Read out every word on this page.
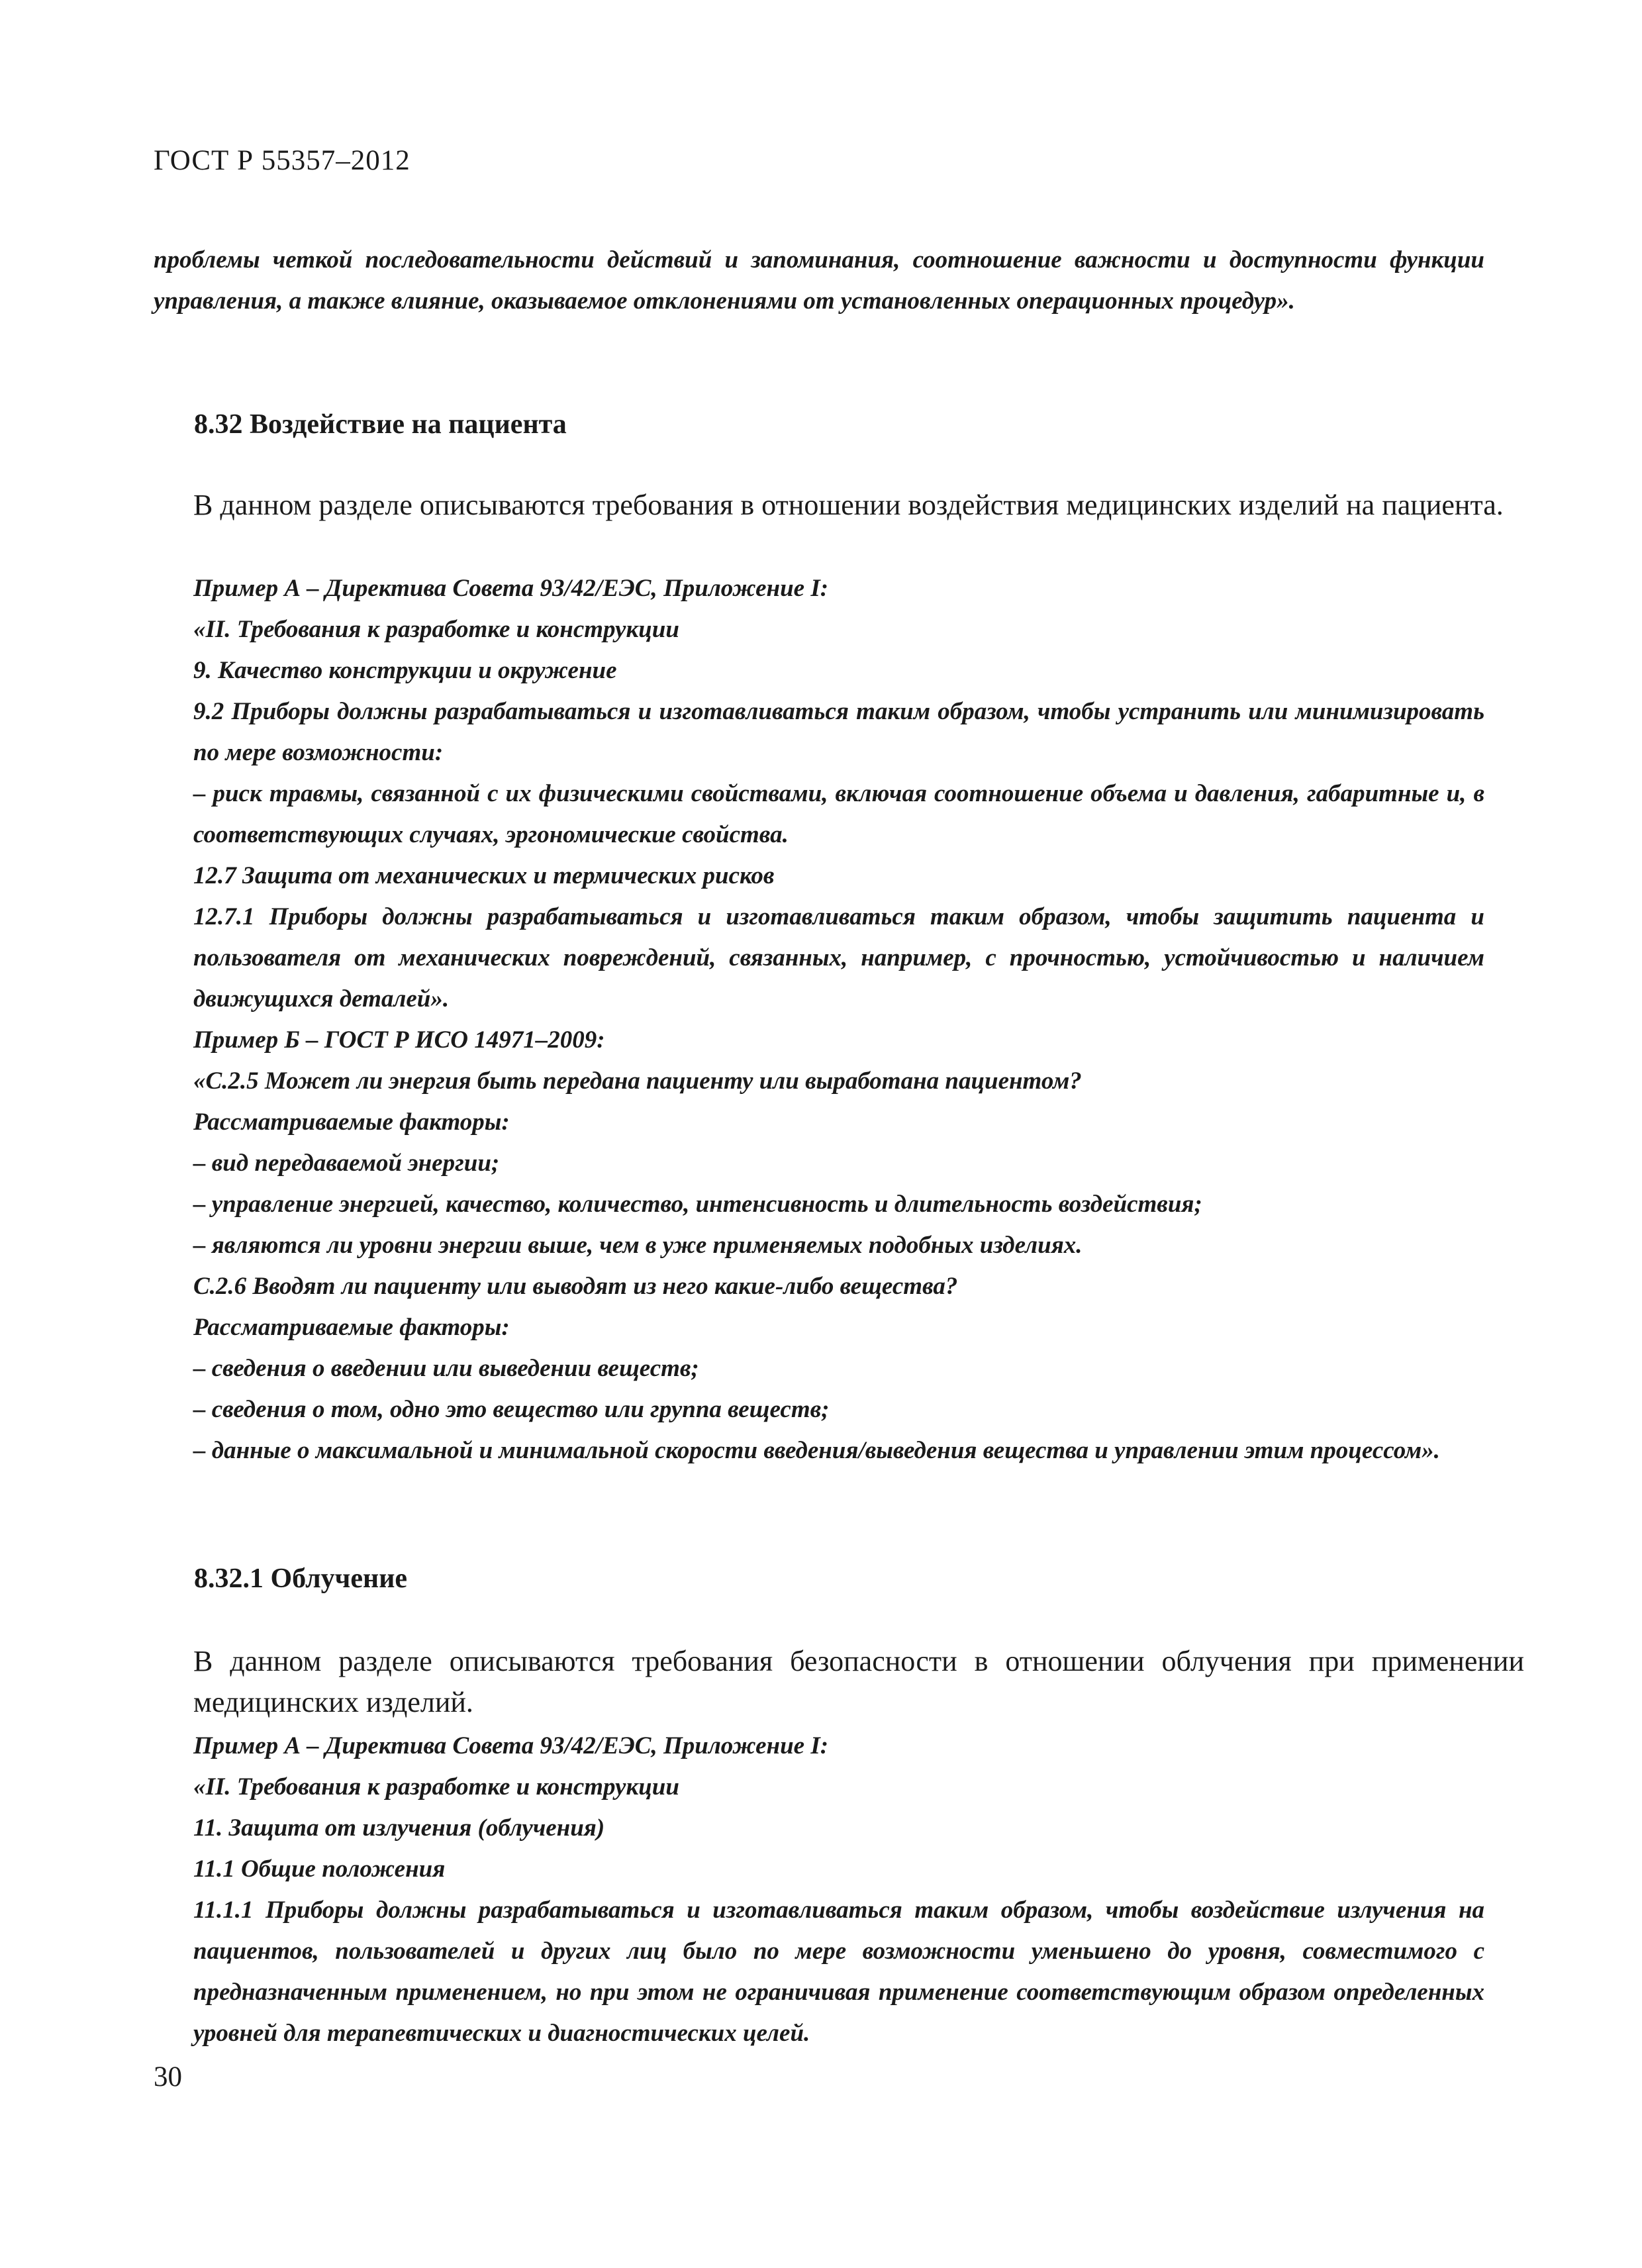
ГОСТ Р 55357–2012
проблемы четкой последовательности действий и запоминания, соотношение важности и доступности функции управления, а также влияние, оказываемое отклонениями от установленных операционных процедур».
8.32 Воздействие на пациента
В данном разделе описываются требования в отношении воздействия медицинских изделий на пациента.
Пример А – Директива Совета 93/42/ЕЭС, Приложение I:
«II. Требования к разработке и конструкции
9. Качество конструкции и окружение
9.2 Приборы должны разрабатываться и изготавливаться таким образом, чтобы устранить или минимизировать по мере возможности:
– риск травмы, связанной с их физическими свойствами, включая соотношение объема и давления, габаритные и, в соответствующих случаях, эргономические свойства.
12.7 Защита от механических и термических рисков
12.7.1 Приборы должны разрабатываться и изготавливаться таким образом, чтобы защитить пациента и пользователя от механических повреждений, связанных, например, с прочностью, устойчивостью и наличием движущихся деталей».
Пример Б – ГОСТ Р ИСО 14971–2009:
«С.2.5 Может ли энергия быть передана пациенту или выработана пациентом?
Рассматриваемые факторы:
– вид передаваемой энергии;
– управление энергией, качество, количество, интенсивность и длительность воздействия;
– являются ли уровни энергии выше, чем в уже применяемых подобных изделиях.
С.2.6 Вводят ли пациенту или выводят из него какие-либо вещества?
Рассматриваемые факторы:
– сведения о введении или выведении веществ;
– сведения о том, одно это вещество или группа веществ;
– данные о максимальной и минимальной скорости введения/выведения вещества и управлении этим процессом».
8.32.1 Облучение
В данном разделе описываются требования безопасности в отношении облучения при применении медицинских изделий.
Пример А – Директива Совета 93/42/ЕЭС, Приложение I:
«II. Требования к разработке и конструкции
11. Защита от излучения (облучения)
11.1 Общие положения
11.1.1 Приборы должны разрабатываться и изготавливаться таким образом, чтобы воздействие излучения на пациентов, пользователей и других лиц было по мере возможности уменьшено до уровня, совместимого с предназначенным применением, но при этом не ограничивая применение соответствующим образом определенных уровней для терапевтических и диагностических целей.
30
